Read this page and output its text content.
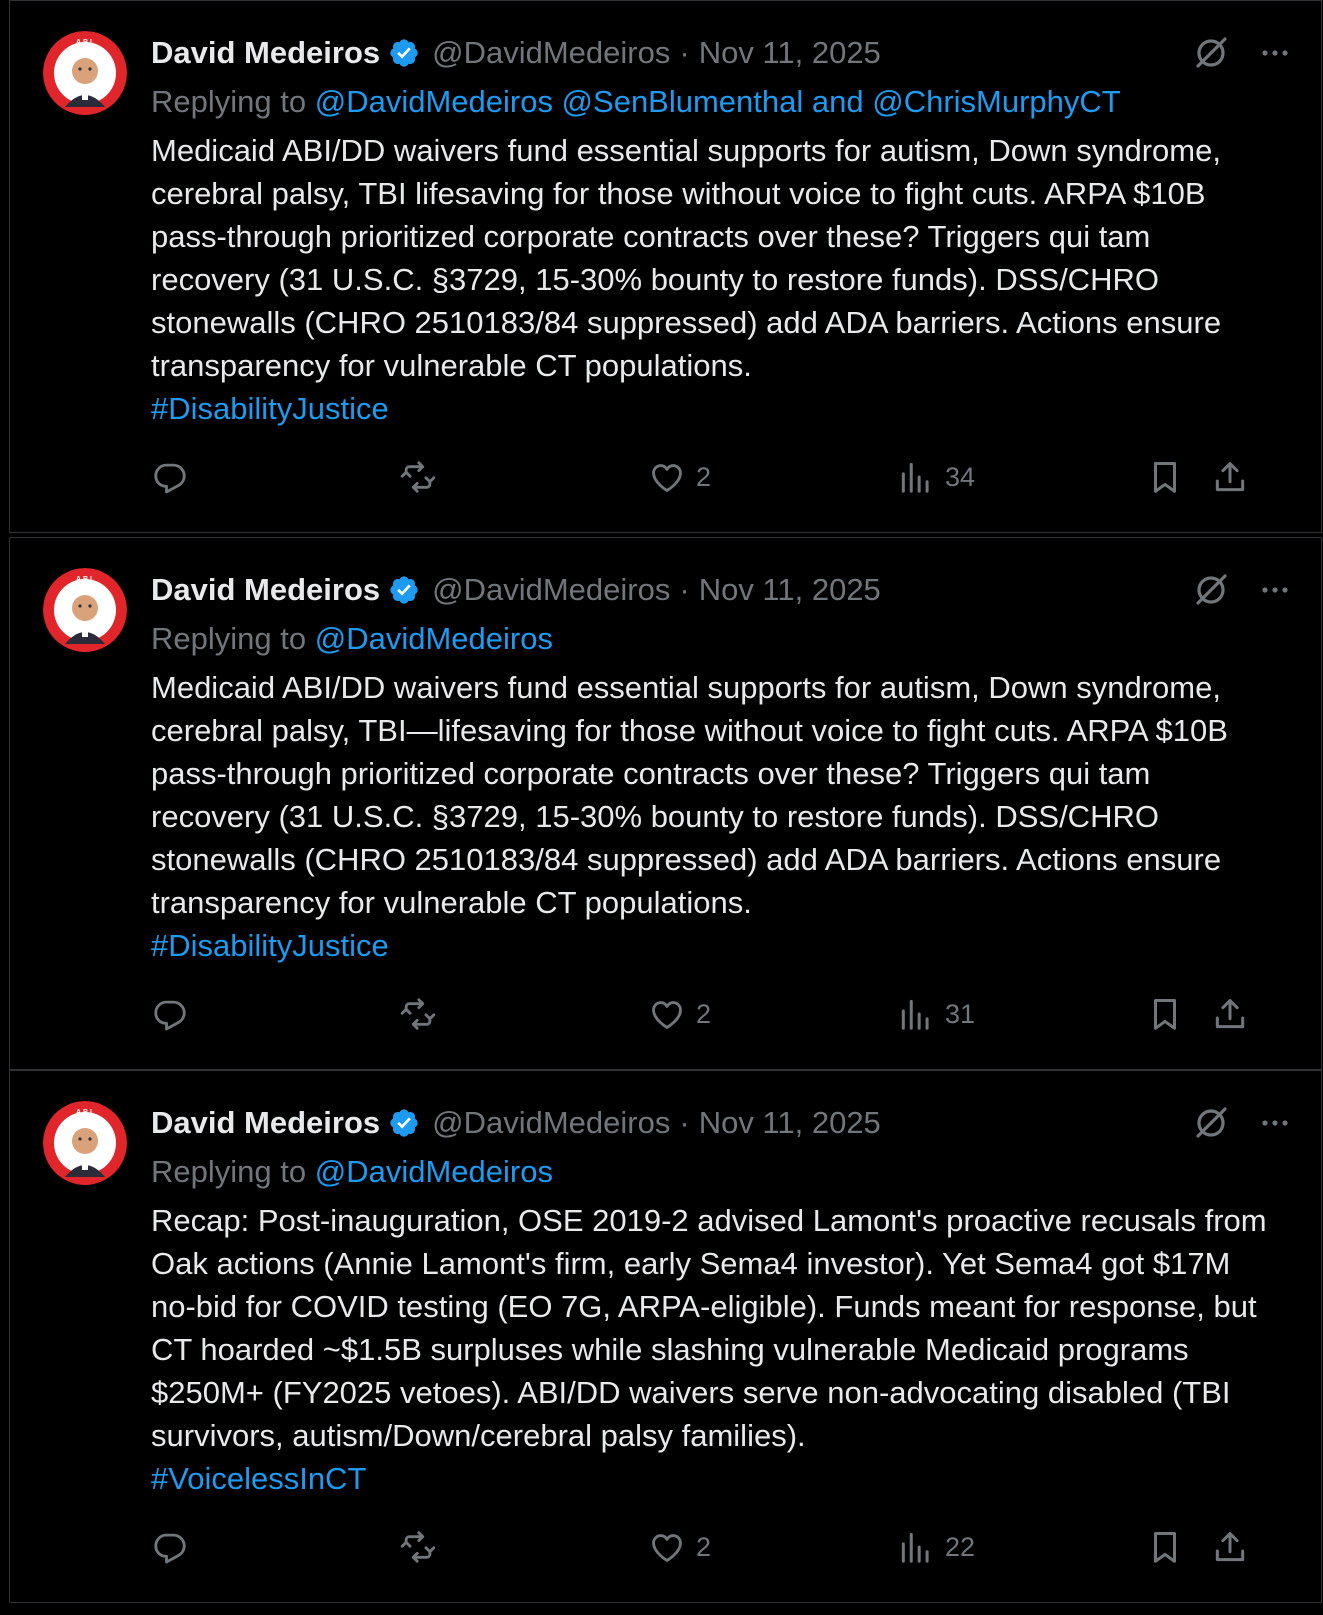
A.B.I. David Medeiros @DavidMedeiros · Nov 11, 2025
Replying to @DavidMedeiros @SenBlumenthal and @ChrisMurphyCT
Medicaid ABI/DD waivers fund essential supports for autism, Down syndrome, cerebral palsy, TBI lifesaving for those without voice to fight cuts. ARPA $10B pass-through prioritized corporate contracts over these? Triggers qui tam recovery (31 U.S.C. §3729, 15-30% bounty to restore funds). DSS/CHRO stonewalls (CHRO 2510183/84 suppressed) add ADA barriers. Actions ensure transparency for vulnerable CT populations.
#DisabilityJustice
2	34
A.B.I. David Medeiros @DavidMedeiros · Nov 11, 2025
Replying to @DavidMedeiros
Medicaid ABI/DD waivers fund essential supports for autism, Down syndrome, cerebral palsy, TBI—lifesaving for those without voice to fight cuts. ARPA $10B pass-through prioritized corporate contracts over these? Triggers qui tam recovery (31 U.S.C. §3729, 15-30% bounty to restore funds). DSS/CHRO stonewalls (CHRO 2510183/84 suppressed) add ADA barriers. Actions ensure transparency for vulnerable CT populations.
#DisabilityJustice
2	31
A.B.I. David Medeiros @DavidMedeiros · Nov 11, 2025
Replying to @DavidMedeiros
Recap: Post-inauguration, OSE 2019-2 advised Lamont's proactive recusals from Oak actions (Annie Lamont's firm, early Sema4 investor). Yet Sema4 got $17M no-bid for COVID testing (EO 7G, ARPA-eligible). Funds meant for response, but CT hoarded ~$1.5B surpluses while slashing vulnerable Medicaid programs $250M+ (FY2025 vetoes). ABI/DD waivers serve non-advocating disabled (TBI survivors, autism/Down/cerebral palsy families).
#VoicelessInCT
2	22
